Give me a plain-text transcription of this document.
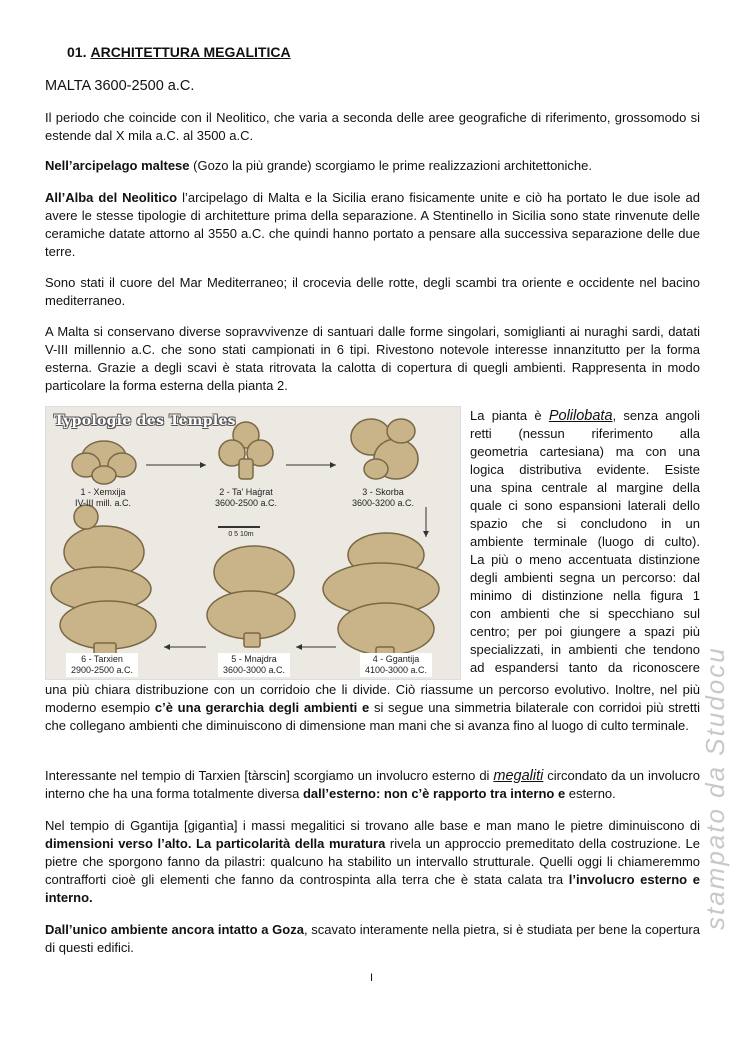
01. ARCHITETTURA MEGALITICA
MALTA 3600-2500 a.C.

Il periodo che coincide con il Neolitico, che varia a seconda delle aree geografiche di riferimento, grossomodo si estende dal X mila a.C. al 3500 a.C.

Nell’arcipelago maltese (Gozo la più grande) scorgiamo le prime realizzazioni architettoniche.

All’Alba del Neolitico l’arcipelago di Malta e la Sicilia erano fisicamente unite e ciò ha portato le due isole ad avere le stesse tipologie di architetture prima della separazione. A Stentinello in Sicilia sono state rinvenute delle ceramiche datate attorno al 3550 a.C. che quindi hanno portato a pensare alla successiva separazione delle due terre.

Sono stati il cuore del Mar Mediterraneo; il crocevia delle rotte, degli scambi tra oriente e occidente nel bacino mediterraneo.

A Malta si conservano diverse sopravvivenze di santuari dalle forme singolari, somiglianti ai nuraghi sardi, datati V-III millennio a.C. che sono stati campionati in 6 tipi. Rivestono notevole interesse innanzitutto per la forma esterna. Grazie a degli scavi è stata ritrovata la calotta di copertura di quegli ambienti. Rappresenta in modo particolare la forma esterna della pianta 2.

Typologie des Temples
1 - Xemxija
IV-III mill. a.C.
2 - Ta' Haġrat
3600-2500 a.C.
3 - Skorba
3600-3200 a.C.
0 5 10m
6 - Tarxien
2900-2500 a.C.
5 - Mnajdra
3600-3000 a.C.
4 - Ggantija
4100-3000 a.C.
La pianta è Polilobata, senza angoli
retti (nessun riferimento alla
geometria cartesiana) ma con una
logica distributiva evidente. Esiste
una spina centrale al margine della
quale ci sono espansioni laterali dello
spazio che si concludono in un
ambiente terminale (luogo di culto).
La più o meno accentuata distinzione
degli ambienti segna un percorso: dal
minimo di distinzione nella figura 1
con ambienti che si specchiano sul
centro; per poi giungere a spazi più
specializzati, in ambienti che tendono
ad espandersi tanto da riconoscere

una più chiara distribuzione con un corridoio che li divide. Ciò riassume un percorso evolutivo. Inoltre, nel più moderno esempio c’è una gerarchia degli ambienti e si segue una simmetria bilaterale con corridoi più stretti che collegano ambienti che diminuiscono di dimensione man mani che si avanza fino al luogo di culto terminale.

Interessante nel tempio di Tarxien [tàrscin] scorgiamo un involucro esterno di megaliti circondato da un involucro interno che ha una forma totalmente diversa dall’esterno: non c’è rapporto tra interno e esterno.

Nel tempio di Ggantija [gigantìa] i massi megalitici si trovano alle base e man mano le pietre diminuiscono di dimensioni verso l’alto. La particolarità della muratura rivela un approccio premeditato della costruzione. Le pietre che sporgono fanno da pilastri: qualcuno ha stabilito un intervallo strutturale. Quelli oggi li chiameremmo contrafforti cioè gli elementi che fanno da controspinta alla terra che è stata calata tra l’involucro esterno e interno.

Dall’unico ambiente ancora intatto a Goza, scavato interamente nella pietra, si è studiata per bene la copertura di questi edifici.

I
stampato da Studocu
